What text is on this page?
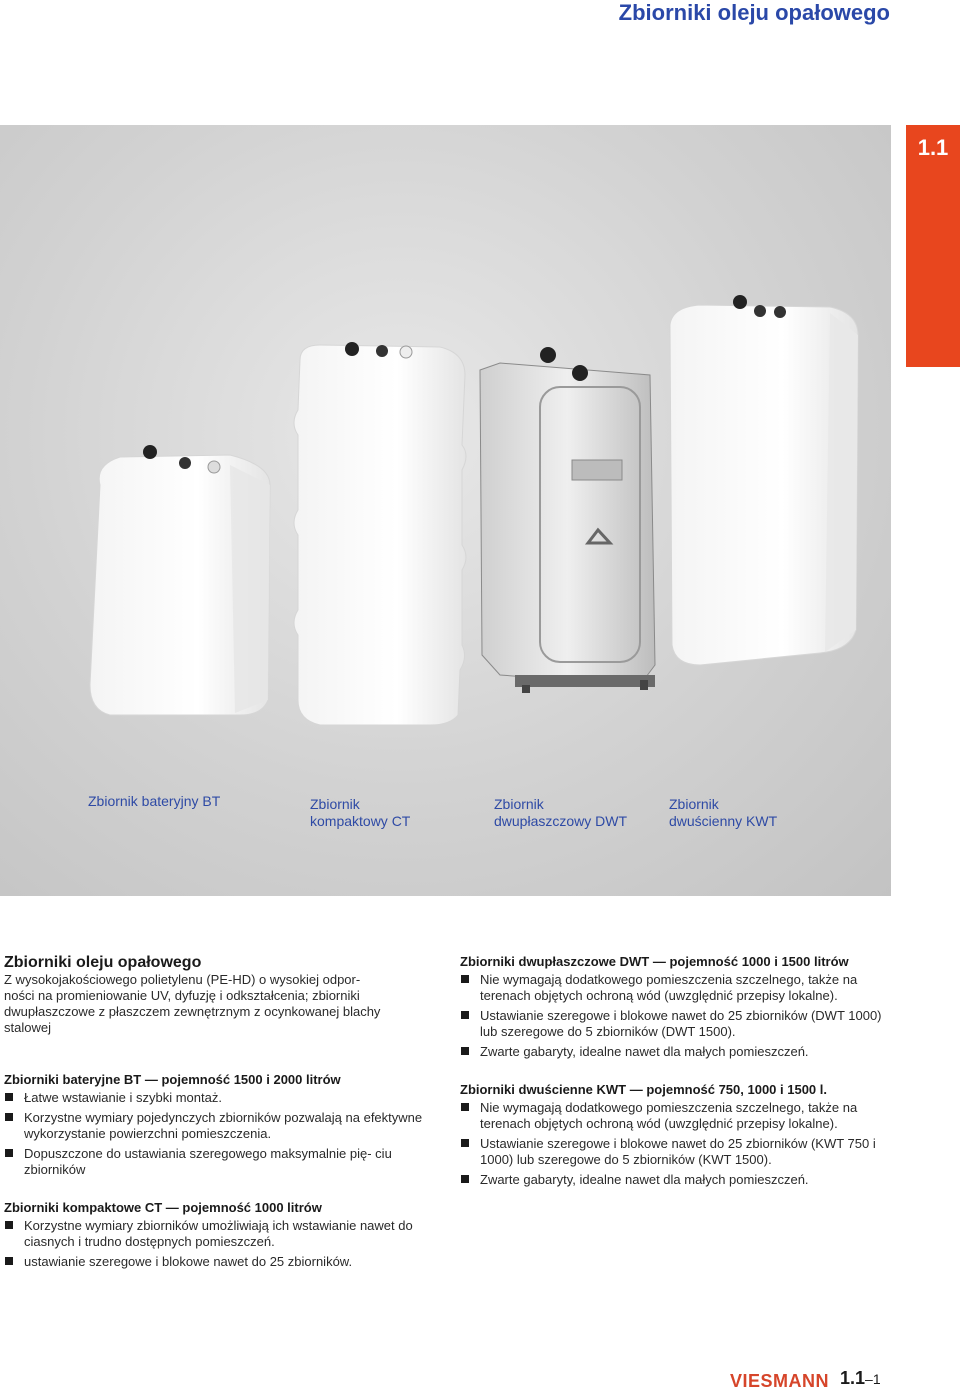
Zbiorniki oleju opałowego
1.1
Zbiornik bateryjny BT	Zbiornik
kompaktowy CT
Zbiornik
dwupłaszczowy DWT
Zbiornik
dwuścienny KWT
Zbiorniki oleju opałowego
Z wysokojakościowego polietylenu (PE-HD) o wysokiej odpor-
ności na promieniowanie UV, dyfuzję i odkształcenia; zbiorniki
dwupłaszczowe z płaszczem zewnętrznym z ocynkowanej blachy
stalowej
Zbiorniki bateryjne BT — pojemność 1500 i 2000 litrów
Łatwe wstawianie i szybki montaż.
Korzystne wymiary pojedynczych zbiorników pozwalają na efektywne wykorzystanie powierzchni pomieszczenia.
Dopuszczone do ustawiania szeregowego maksymalnie pię- ciu zbiorników
Zbiorniki kompaktowe CT — pojemność 1000 litrów
Korzystne wymiary zbiorników umożliwiają ich wstawianie nawet do ciasnych i trudno dostępnych pomieszczeń.
ustawianie szeregowe i blokowe nawet do 25 zbiorników.
Zbiorniki dwupłaszczowe DWT — pojemność 1000 i 1500 litrów
Nie wymagają dodatkowego pomieszczenia szczelnego, także na terenach objętych ochroną wód (uwzględnić przepisy lokalne).
Ustawianie szeregowe i blokowe nawet do 25 zbiorników (DWT 1000) lub szeregowe do 5 zbiorników (DWT 1500).
Zwarte gabaryty, idealne nawet dla małych pomieszczeń.
Zbiorniki dwuścienne KWT — pojemność 750, 1000 i 1500 l.
Nie wymagają dodatkowego pomieszczenia szczelnego, także na terenach objętych ochroną wód (uwzględnić przepisy lokalne).
Ustawianie szeregowe i blokowe nawet do 25 zbiorników (KWT 750 i 1000) lub szeregowe do 5 zbiorników (KWT 1500).
Zwarte gabaryty, idealne nawet dla małych pomieszczeń.
VIESMANN 1.1–1
